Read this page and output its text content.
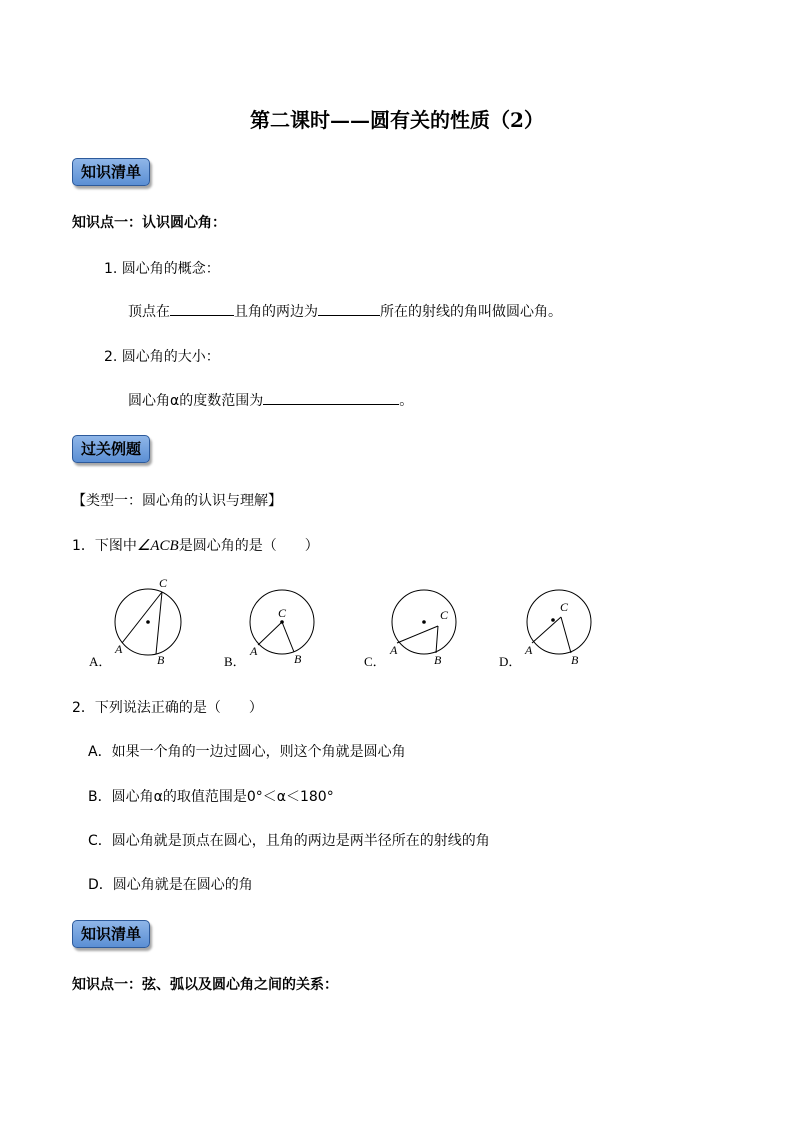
第二课时——圆有关的性质（2）
知识清单
知识点一：认识圆心角：
1. 圆心角的概念：
顶点在	且角的两边为	所在的射线的角叫做圆心角。
2. 圆心角的大小：
圆心角α的度数范围为	。
过关例题
【类型一：圆心角的认识与理解】
1．下图中∠ACB是圆心角的是（　　）
A．
C
A
B	B．
C
A
B	C．
C
A
B	D．
C
A
B
2．下列说法正确的是（　　）
A．如果一个角的一边过圆心，则这个角就是圆心角
B．圆心角α的取值范围是0°＜α＜180°
C．圆心角就是顶点在圆心，且角的两边是两半径所在的射线的角
D．圆心角就是在圆心的角
知识清单
知识点一：弦、弧以及圆心角之间的关系：
